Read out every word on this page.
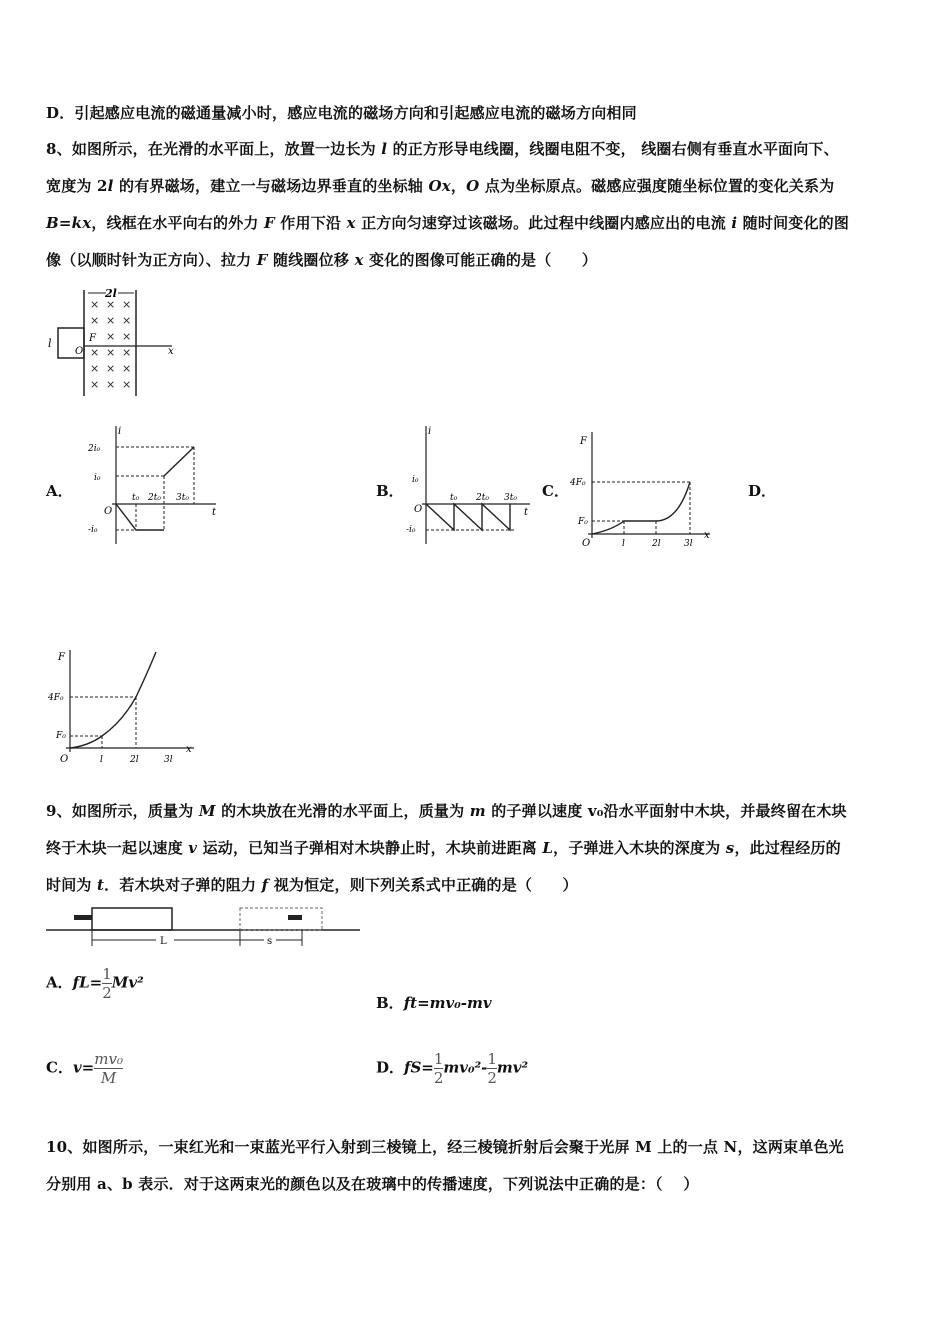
D．引起感应电流的磁通量减小时，感应电流的磁场方向和引起感应电流的磁场方向相同
8、如图所示，在光滑的水平面上，放置一边长为 l 的正方形导电线圈，线圈电阻不变， 线圈右侧有垂直水平面向下、
宽度为 2l 的有界磁场，建立一与磁场边界垂直的坐标轴 Ox，O 点为坐标原点。磁感应强度随坐标位置的变化关系为
B=kx，线框在水平向右的外力 F 作用下沿 x 正方向匀速穿过该磁场。此过程中线圈内感应出的电流 i 随时间变化的图
像（以顺时针为正方向）、拉力 F 随线圈位移 x 变化的图像可能正确的是（　　）
2l
l
x
O
F
× × ×
× × ×
× ×
× × ×
× × ×
× × ×
A．
i
t
O
2i₀
i₀
-i₀
t₀ 2t₀ 3t₀	B．
i
t
O
i₀
-i₀
t₀ 2t₀ 3t₀ C．
F
x
O
4F₀
F₀
l	2l	3l
D．
F
x
O
4F₀
F₀
l	2l	3l
9、如图所示，质量为 M 的木块放在光滑的水平面上，质量为 m 的子弹以速度 v₀沿水平面射中木块，并最终留在木块
终于木块一起以速度 v 运动，已知当子弹相对木块静止时，木块前进距离 L，子弹进入木块的深度为 s，此过程经历的
时间为 t．若木块对子弹的阻力 f 视为恒定，则下列关系式中正确的是（　　）
L	s
A．$fL= \frac{1}{2} Mv^2$
B．ft=mv₀-mv
C．$v= \frac{\text{mv₀}}{M}$	D．$fS= \frac{1}{2} mv_0^2- \frac{1}{2} mv^2$
10、如图所示，一束红光和一束蓝光平行入射到三棱镜上，经三棱镜折射后会聚于光屏 M 上的一点 N，这两束单色光
分别用 a、b 表示．对于这两束光的颜色以及在玻璃中的传播速度，下列说法中正确的是：（　 ）
